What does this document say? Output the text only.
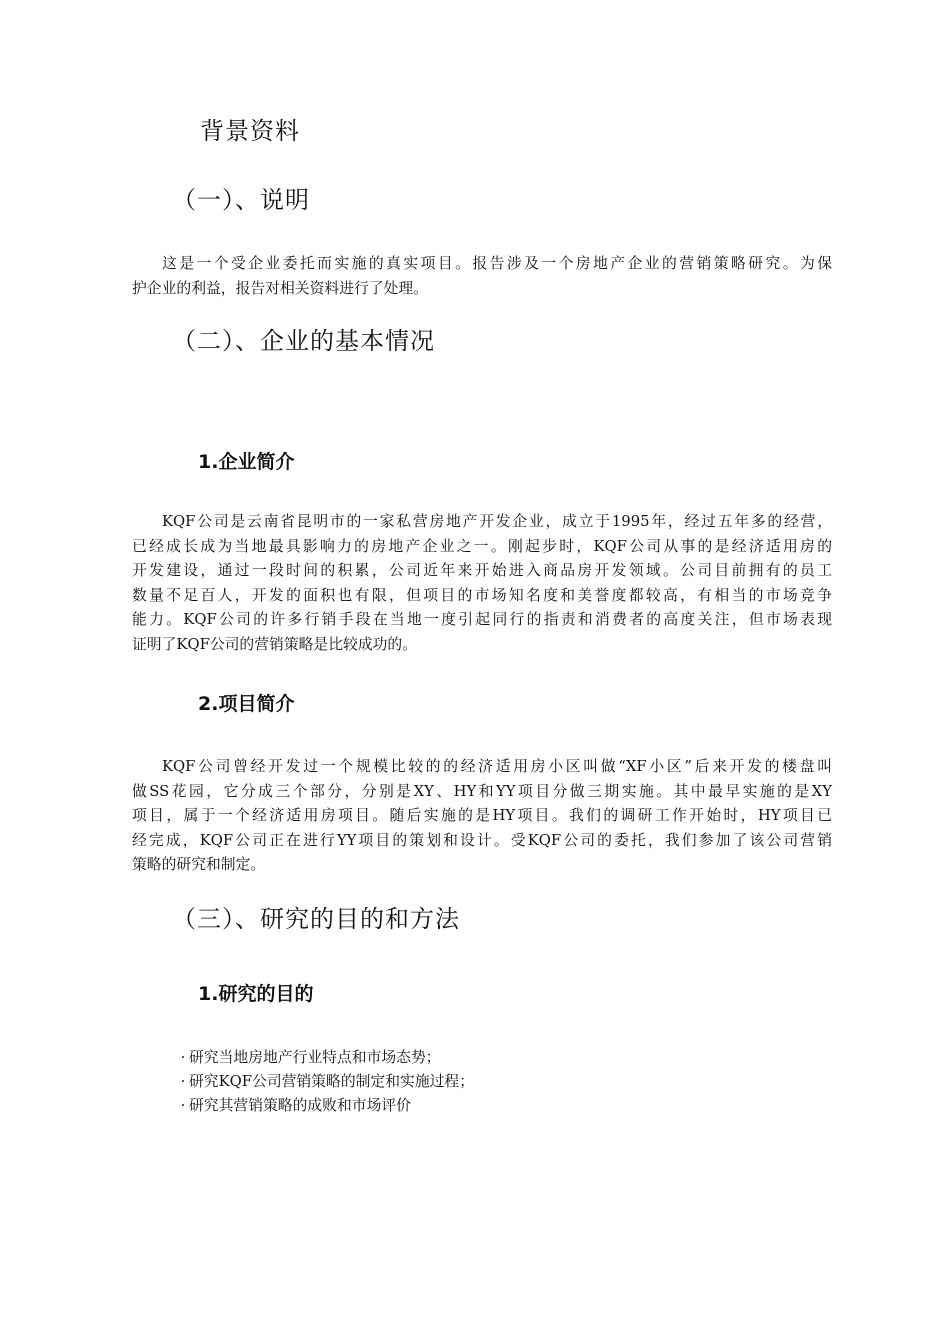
背景资料
（一）、说明
这是一个受企业委托而实施的真实项目。报告涉及一个房地产企业的营销策略研究。为保
护企业的利益，报告对相关资料进行了处理。
（二）、企业的基本情况
1.企业简介
KQF公司是云南省昆明市的一家私营房地产开发企业，成立于1995年，经过五年多的经营，
已经成长成为当地最具影响力的房地产企业之一。刚起步时，KQF公司从事的是经济适用房的
开发建设，通过一段时间的积累，公司近年来开始进入商品房开发领域。公司目前拥有的员工
数量不足百人，开发的面积也有限，但项目的市场知名度和美誉度都较高，有相当的市场竞争
能力。KQF公司的许多行销手段在当地一度引起同行的指责和消费者的高度关注，但市场表现
证明了KQF公司的营销策略是比较成功的。
2.项目简介
KQF公司曾经开发过一个规模比较的的经济适用房小区叫做“XF小区”后来开发的楼盘叫
做SS花园，它分成三个部分，分别是XY、HY和YY项目分做三期实施。其中最早实施的是XY
项目，属于一个经济适用房项目。随后实施的是HY项目。我们的调研工作开始时，HY项目已
经完成，KQF公司正在进行YY项目的策划和设计。受KQF公司的委托，我们参加了该公司营销
策略的研究和制定。
（三）、研究的目的和方法
1.研究的目的
· 研究当地房地产行业特点和市场态势；
· 研究KQF公司营销策略的制定和实施过程；
· 研究其营销策略的成败和市场评价
